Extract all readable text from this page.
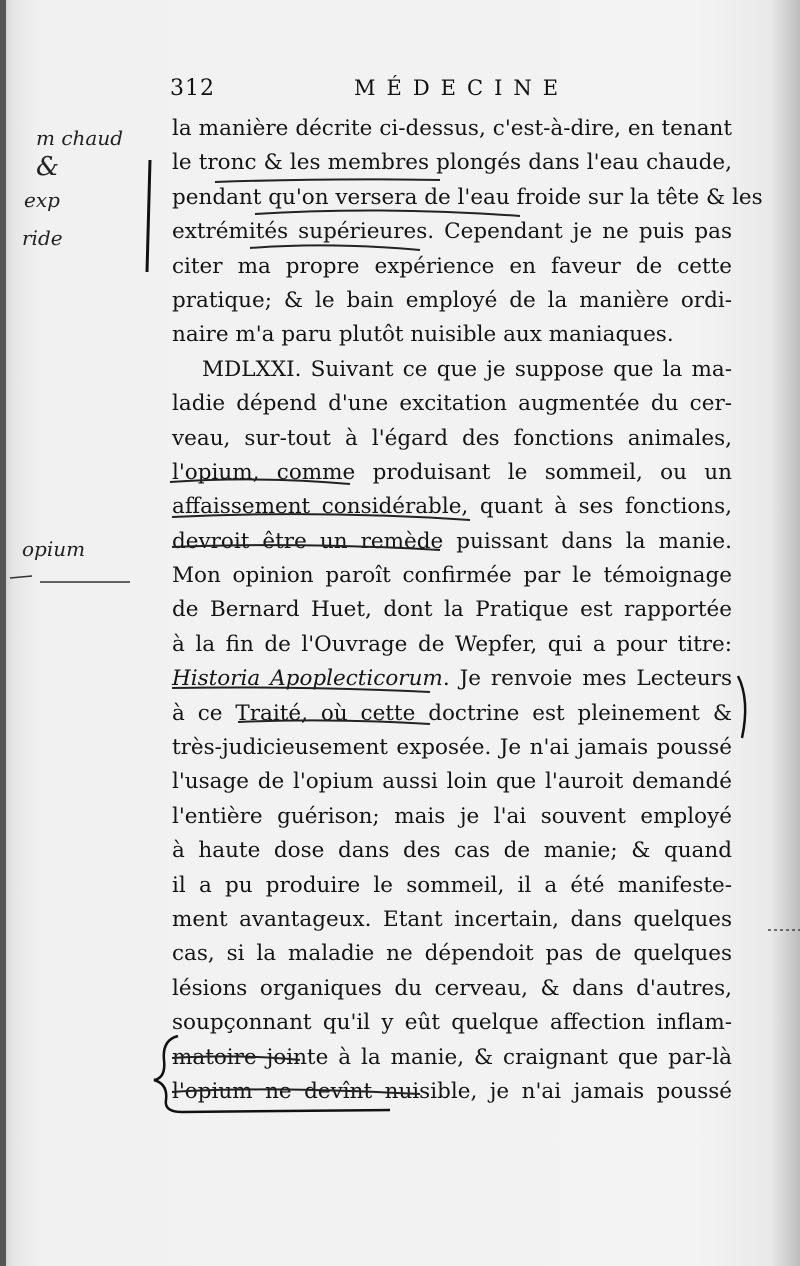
312	MÉDECINE
la manière décrite ci-dessus, c'est-à-dire, en tenant
le tronc & les membres plongés dans l'eau chaude,
pendant qu'on versera de l'eau froide sur la tête & les
extrémités supérieures. Cependant je ne puis pas
citer ma propre expérience en faveur de cette
pratique; & le bain employé de la manière ordi-
naire m'a paru plutôt nuisible aux maniaques.
MDLXXI. Suivant ce que je suppose que la ma-
ladie dépend d'une excitation augmentée du cer-
veau, sur-tout à l'égard des fonctions animales,
l'opium, comme produisant le sommeil, ou un
affaissement considérable, quant à ses fonctions,
devroit être un remède puissant dans la manie.
Mon opinion paroît confirmée par le témoignage
de Bernard Huet, dont la Pratique est rapportée
à la fin de l'Ouvrage de Wepfer, qui a pour titre:
Historia Apoplecticorum. Je renvoie mes Lecteurs
à ce Traité, où cette doctrine est pleinement &
très-judicieusement exposée. Je n'ai jamais poussé
l'usage de l'opium aussi loin que l'auroit demandé
l'entière guérison; mais je l'ai souvent employé
à haute dose dans des cas de manie; & quand
il a pu produire le sommeil, il a été manifeste-
ment avantageux. Etant incertain, dans quelques
cas, si la maladie ne dépendoit pas de quelques
lésions organiques du cerveau, & dans d'autres,
soupçonnant qu'il y eût quelque affection inflam-
matoire jointe à la manie, & craignant que par-là
l'opium ne devînt nuisible, je n'ai jamais poussé
m chaud
&
exp
ride
opium
